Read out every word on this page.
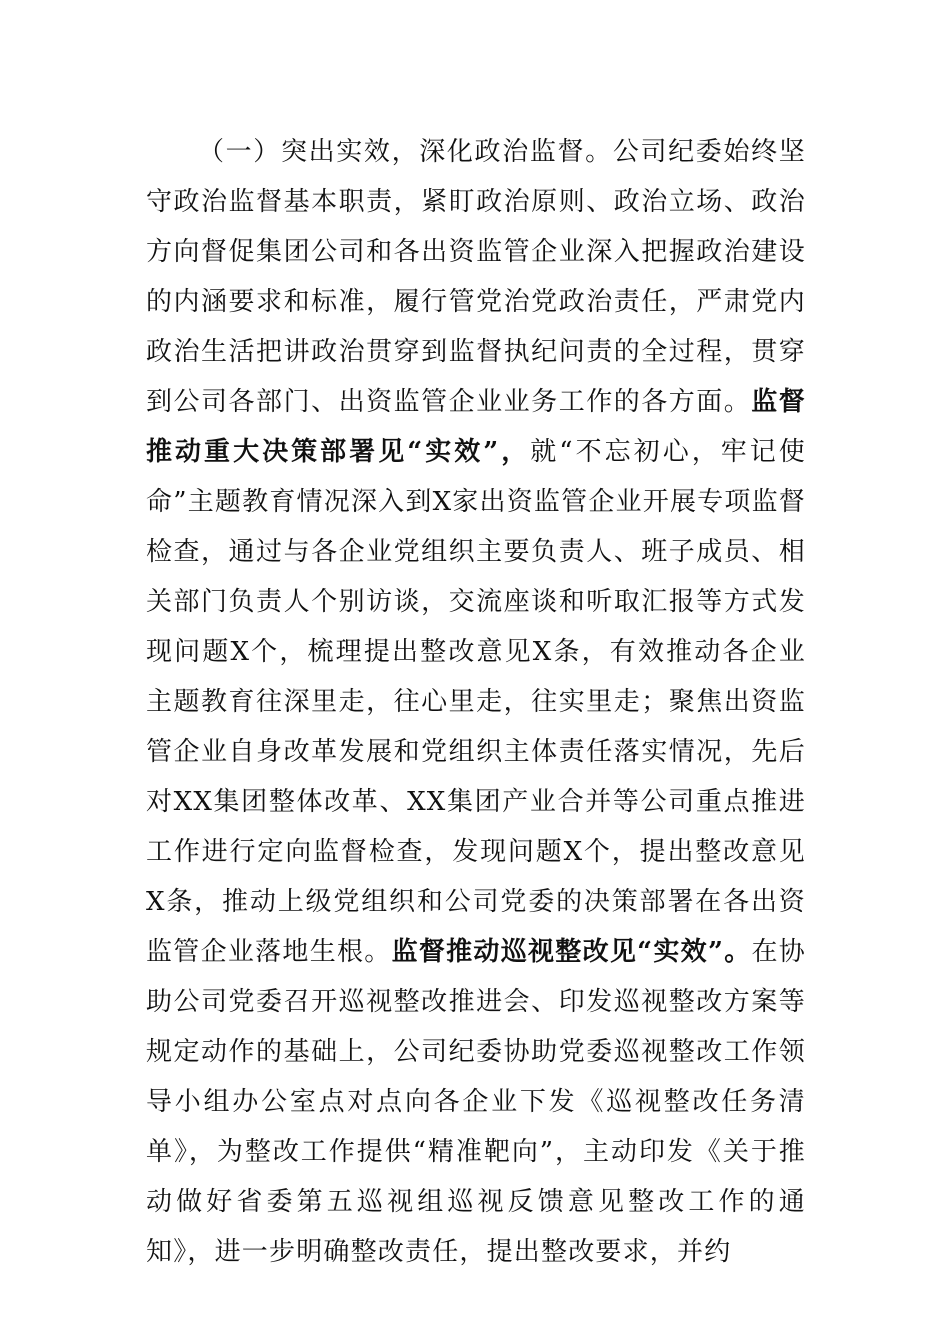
（一）突出实效，深化政治监督。公司纪委始终坚守政治监督基本职责，紧盯政治原则、政治立场、政治方向督促集团公司和各出资监管企业深入把握政治建设的内涵要求和标准，履行管党治党政治责任，严肃党内政治生活把讲政治贯穿到监督执纪问责的全过程，贯穿到公司各部门、出资监管企业业务工作的各方面。监督推动重大决策部署见“实效”，就“不忘初心，牢记使命”主题教育情况深入到X家出资监管企业开展专项监督检查，通过与各企业党组织主要负责人、班子成员、相关部门负责人个别访谈，交流座谈和听取汇报等方式发现问题X个，梳理提出整改意见X条，有效推动各企业主题教育往深里走，往心里走，往实里走；聚焦出资监管企业自身改革发展和党组织主体责任落实情况，先后对XX集团整体改革、XX集团产业合并等公司重点推进工作进行定向监督检查，发现问题X个，提出整改意见X条，推动上级党组织和公司党委的决策部署在各出资监管企业落地生根。监督推动巡视整改见“实效”。在协助公司党委召开巡视整改推进会、印发巡视整改方案等规定动作的基础上，公司纪委协助党委巡视整改工作领导小组办公室点对点向各企业下发《巡视整改任务清单》，为整改工作提供“精准靶向”，主动印发《关于推动做好省委第五巡视组巡视反馈意见整改工作的通知》，进一步明确整改责任，提出整改要求，并约
